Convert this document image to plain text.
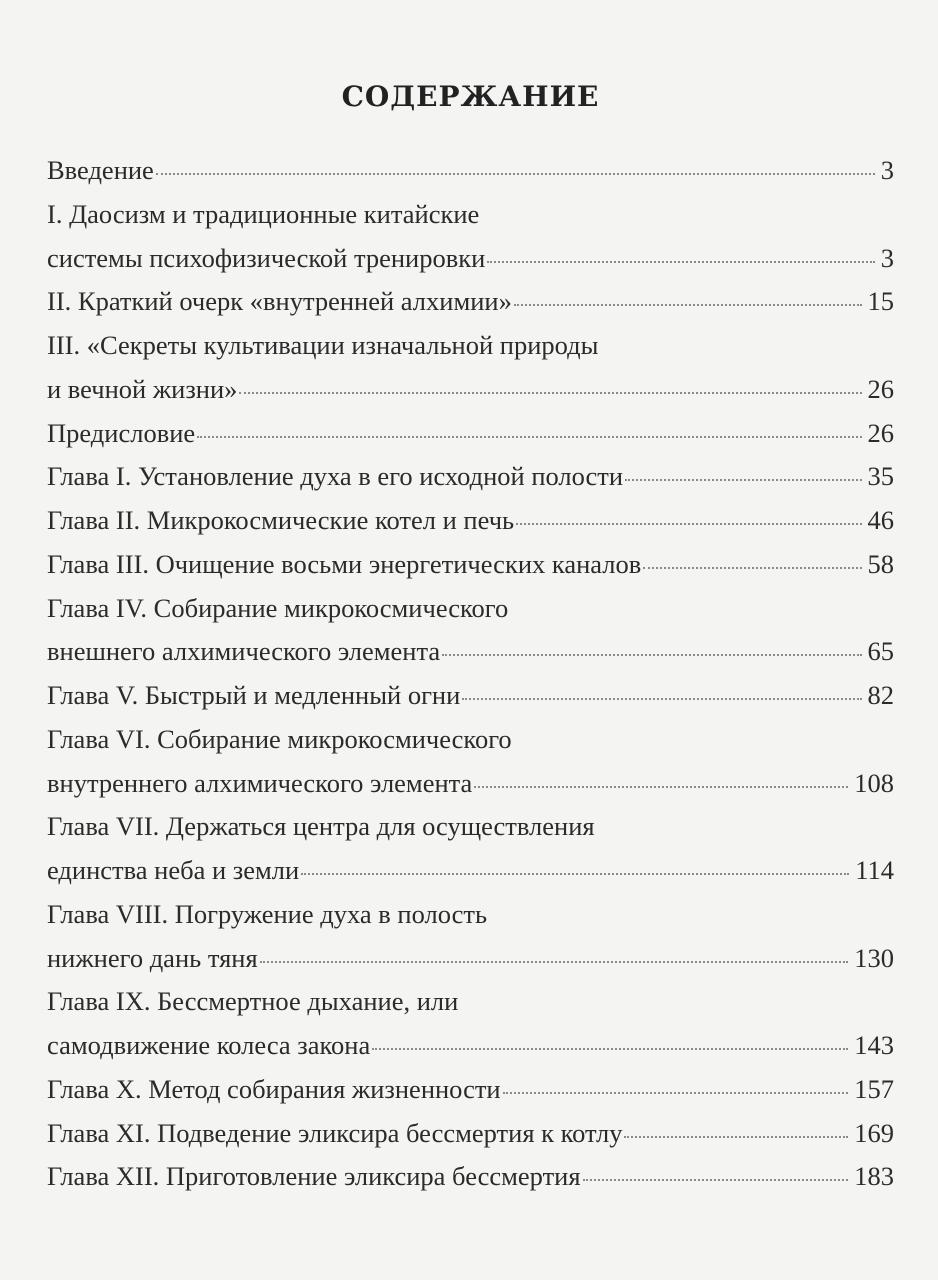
СОДЕРЖАНИЕ
Введение	3
I. Даосизм и традиционные китайские
системы психофизической тренировки	3
II. Краткий очерк «внутренней алхимии»	15
III. «Секреты культивации изначальной природы
и вечной жизни»	26
Предисловие	26
Глава I. Установление духа в его исходной полости	35
Глава II. Микрокосмические котел и печь	46
Глава III. Очищение восьми энергетических каналов	58
Глава IV. Собирание микрокосмического
внешнего алхимического элемента	65
Глава V. Быстрый и медленный огни	82
Глава VI. Собирание микрокосмического
внутреннего алхимического элемента	108
Глава VII. Держаться центра для осуществления
единства неба и земли	114
Глава VIII. Погружение духа в полость
нижнего дань тяня	130
Глава IX. Бессмертное дыхание, или
самодвижение колеса закона	143
Глава X. Метод собирания жизненности	157
Глава XI. Подведение эликсира бессмертия к котлу	169
Глава XII. Приготовление эликсира бессмертия	183
